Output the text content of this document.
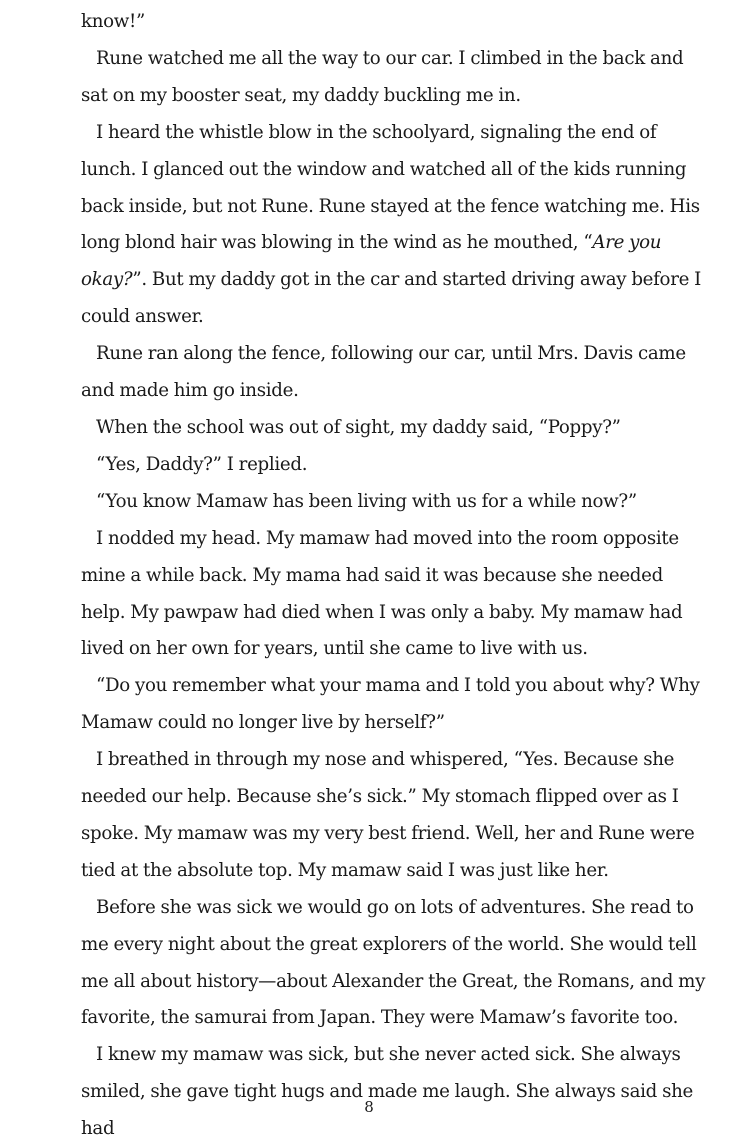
know!”

Rune watched me all the way to our car. I climbed in the back and sat on my booster seat, my daddy buckling me in.

I heard the whistle blow in the schoolyard, signaling the end of lunch. I glanced out the window and watched all of the kids running back inside, but not Rune. Rune stayed at the fence watching me. His long blond hair was blowing in the wind as he mouthed, “Are you okay?”. But my daddy got in the car and started driving away before I could answer.

Rune ran along the fence, following our car, until Mrs. Davis came and made him go inside.

When the school was out of sight, my daddy said, “Poppy?”

“Yes, Daddy?” I replied.

“You know Mamaw has been living with us for a while now?”

I nodded my head. My mamaw had moved into the room opposite mine a while back. My mama had said it was because she needed help. My pawpaw had died when I was only a baby. My mamaw had lived on her own for years, until she came to live with us.

“Do you remember what your mama and I told you about why? Why Mamaw could no longer live by herself?”

I breathed in through my nose and whispered, “Yes. Because she needed our help. Because she’s sick.” My stomach flipped over as I spoke. My mamaw was my very best friend. Well, her and Rune were tied at the absolute top. My mamaw said I was just like her.

Before she was sick we would go on lots of adventures. She read to me every night about the great explorers of the world. She would tell me all about history—about Alexander the Great, the Romans, and my favorite, the samurai from Japan. They were Mamaw’s favorite too.

I knew my mamaw was sick, but she never acted sick. She always smiled, she gave tight hugs and made me laugh. She always said she had

8
